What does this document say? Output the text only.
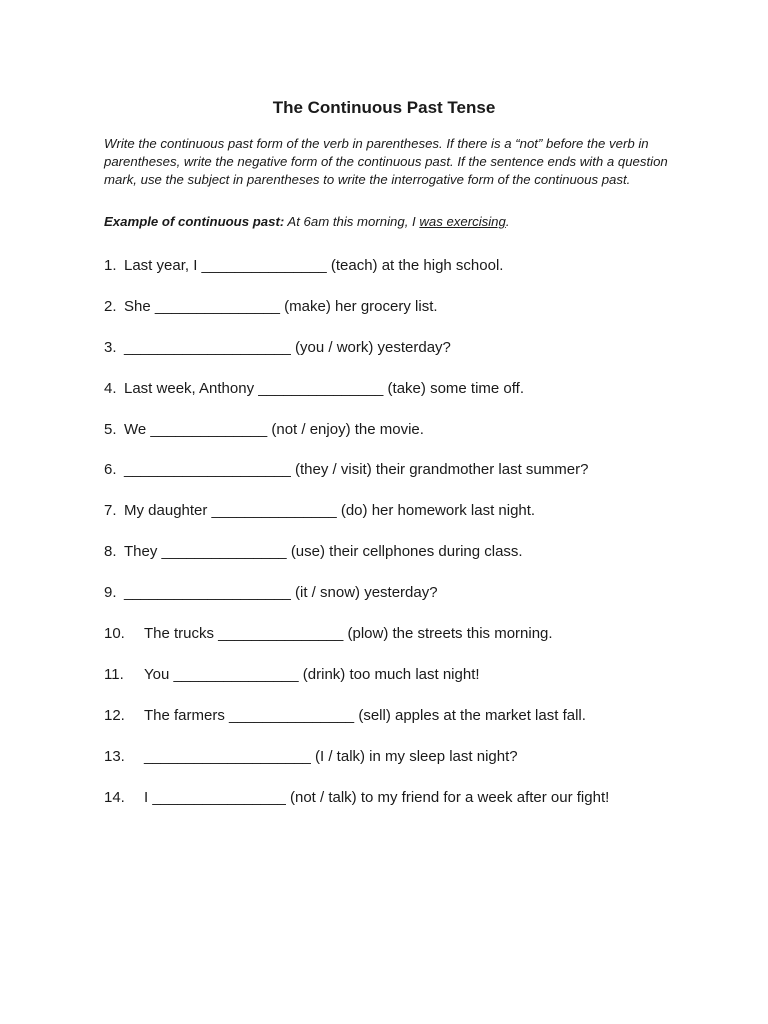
The Continuous Past Tense
Write the continuous past form of the verb in parentheses. If there is a “not” before the verb in parentheses, write the negative form of the continuous past. If the sentence ends with a question mark, use the subject in parentheses to write the interrogative form of the continuous past.
Example of continuous past: At 6am this morning, I was exercising.
1. Last year, I _______________ (teach) at the high school.
2. She _______________ (make) her grocery list.
3. ____________________ (you / work) yesterday?
4. Last week, Anthony _______________ (take) some time off.
5. We ______________ (not / enjoy) the movie.
6. ____________________ (they / visit) their grandmother last summer?
7. My daughter _______________ (do) her homework last night.
8. They _______________ (use) their cellphones during class.
9. ____________________ (it / snow) yesterday?
10. The trucks _______________ (plow) the streets this morning.
11. You _______________ (drink) too much last night!
12. The farmers _______________ (sell) apples at the market last fall.
13. ____________________ (I / talk) in my sleep last night?
14. I ________________ (not / talk) to my friend for a week after our fight!
